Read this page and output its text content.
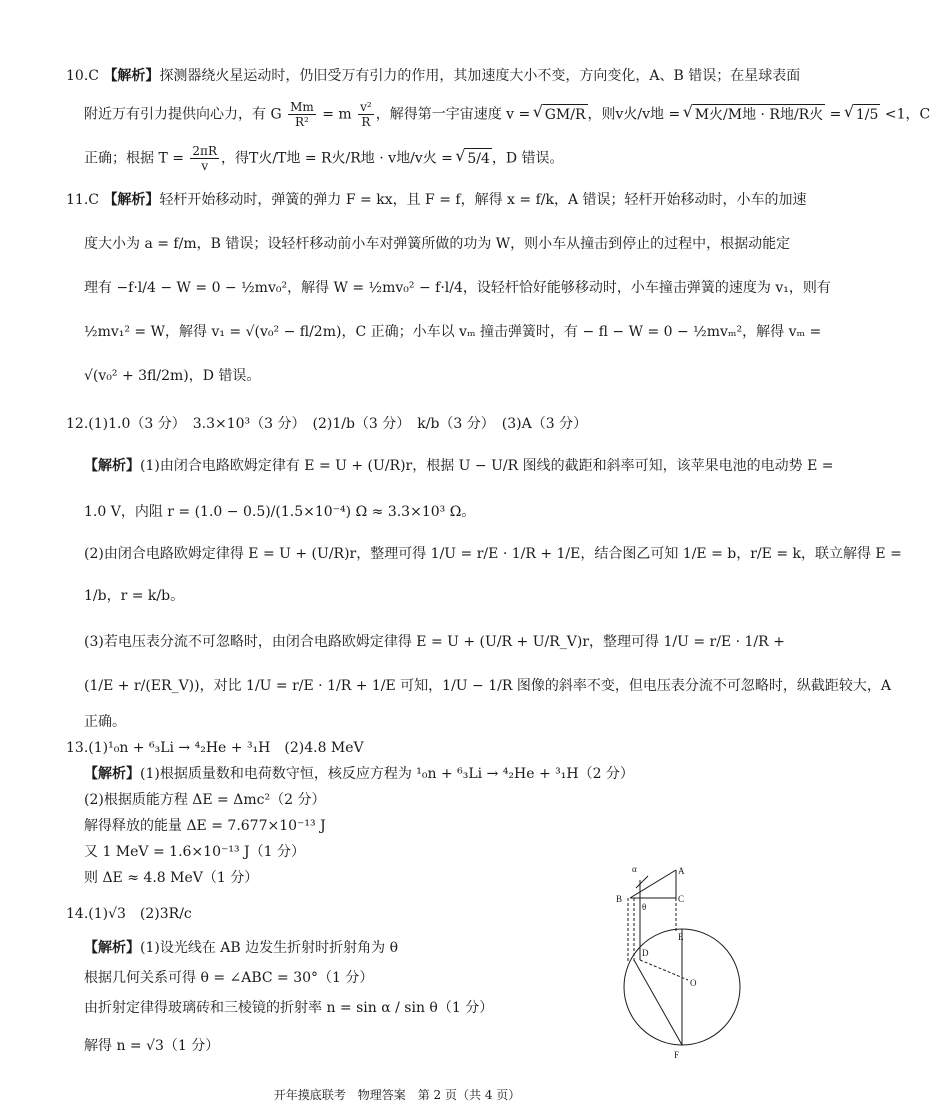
10.C 【解析】探测器绕火星运动时，仍旧受万有引力的作用，其加速度大小不变，方向变化，A、B 错误；在星球表面
附近万有引力提供向心力，有 G $\frac{Mm}{\text{R²}} = m \frac{\text{v²}}{R}$ ，解得第一宇宙速度 v = √ GM/R ，则v火/v地 = √ M火/M地 · R地/R火 = √ 1/5 <1，C
正确；根据 $T = \frac{2\pi R}{v}$ ，得T火/T地 = R火/R地 · v地/v火 = √ 5/4 ，D 错误。
11.C 【解析】轻杆开始移动时，弹簧的弹力 F = kx，且 F = f，解得 x = f/k，A 错误；轻杆开始移动时，小车的加速
度大小为 a = f/m，B 错误；设轻杆移动前小车对弹簧所做的功为 W，则小车从撞击到停止的过程中，根据动能定
理有 −f·l/4 − W = 0 − ½mv₀²，解得 W = ½mv₀² − f·l/4，设轻杆恰好能够移动时，小车撞击弹簧的速度为 v₁，则有
½mv₁² = W，解得 v₁ = √(v₀² − fl/2m)，C 正确；小车以 vₘ 撞击弹簧时，有 − fl − W = 0 − ½mvₘ²，解得 vₘ =
√(v₀² + 3fl/2m)，D 错误。
12.(1)1.0（3 分）　3.3×10³（3 分）　(2)1/b（3 分）　k/b（3 分）　(3)A（3 分）
【解析】(1)由闭合电路欧姆定律有 E = U + (U/R)r，根据 U − U/R 图线的截距和斜率可知，该苹果电池的电动势 E =
1.0 V，内阻 r = (1.0 − 0.5)/(1.5×10⁻⁴) Ω ≈ 3.3×10³ Ω。
(2)由闭合电路欧姆定律得 E = U + (U/R)r，整理可得 1/U = r/E · 1/R + 1/E，结合图乙可知 1/E = b，r/E = k，联立解得 E =
1/b，r = k/b。
(3)若电压表分流不可忽略时，由闭合电路欧姆定律得 E = U + (U/R + U/R_V)r，整理可得 1/U = r/E · 1/R +
(1/E + r/(ER_V))，对比 1/U = r/E · 1/R + 1/E 可知，1/U − 1/R 图像的斜率不变，但电压表分流不可忽略时，纵截距较大，A
正确。
13.(1)¹₀n + ⁶₃Li → ⁴₂He + ³₁H　(2)4.8 MeV
【解析】(1)根据质量数和电荷数守恒，核反应方程为 ¹₀n + ⁶₃Li → ⁴₂He + ³₁H（2 分）
(2)根据质能方程 ΔE = Δmc²（2 分）
解得释放的能量 ΔE = 7.677×10⁻¹³ J
又 1 MeV = 1.6×10⁻¹³ J（1 分）
则 ΔE ≈ 4.8 MeV（1 分）
14.(1)√3　(2)3R/c
【解析】(1)设光线在 AB 边发生折射时折射角为 θ
根据几何关系可得 θ = ∠ABC = 30°（1 分）
由折射定律得玻璃砖和三棱镜的折射率 n = sin α / sin θ（1 分）
解得 n = √3（1 分）
A
B	C
D
E
F
O
α
θ
开年摸底联考　物理答案　第 2 页（共 4 页）
